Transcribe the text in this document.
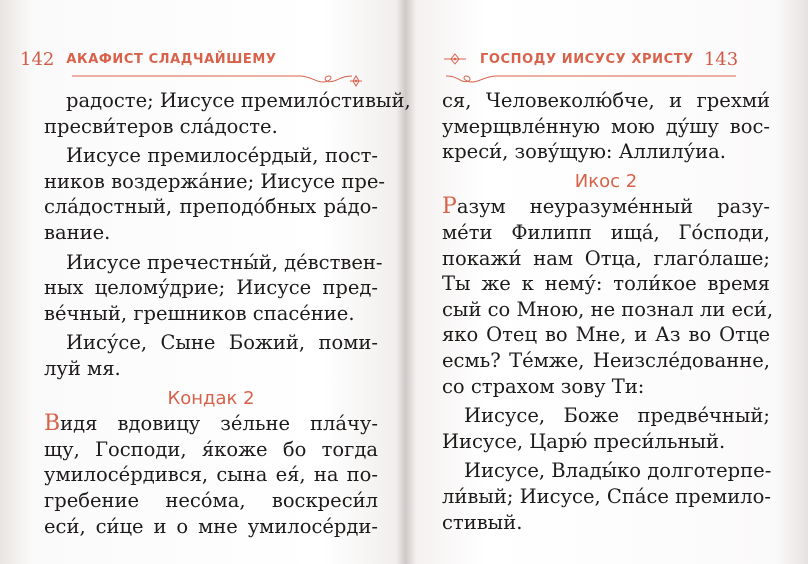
142 АКАФИСТ СЛАДЧАЙШЕМУ
радосте; Иисусе премило́стивый,
пресви́теров сла́досте.
Иисусе премилосе́рдый, пост-
ников воздержа́ние; Иисусе пре-
сла́достный, преподо́бных ра́до-
вание.
Иисусе пречестны́й, де́вствен-
ных целому́дрие; Иисусе пред-
ве́чный, грешников спасе́ние.
Иису́се, Сыне Божий, поми-
луй мя.
Кондак 2
Видя вдовицу зе́льне пла́чу-
щу, Господи, я́коже бо тогда
умилосе́рдився, сына ея́, на по-
гребение несо́ма, воскреси́л
еси́, си́це и о мне умилосе́рди-
ГОСПОДУ ИИСУСУ ХРИСТУ 143
ся, Человеколю́бче, и грехми́
умерщвле́нную мою ду́шу вос-
креси́, зову́щую: Аллилу́иа.
Икос 2
Разум неуразуме́нный разу-
ме́ти Филипп ища́, Го́споди,
покажи́ нам Отца, глаго́лаше;
Ты же к нему́: толи́кое время
сый со Мною, не познал ли еси́,
яко Отец во Мне, и Аз во Отце
есмь? Тéмже, Неизсле́дованне,
со страхом зову Ти:
Иисусе, Боже предве́чный;
Иисусе, Царю́ преси́льный.
Иисусе, Влады́ко долготерпе-
ли́вый; Иисусе, Спа́се премило-
стивый.
